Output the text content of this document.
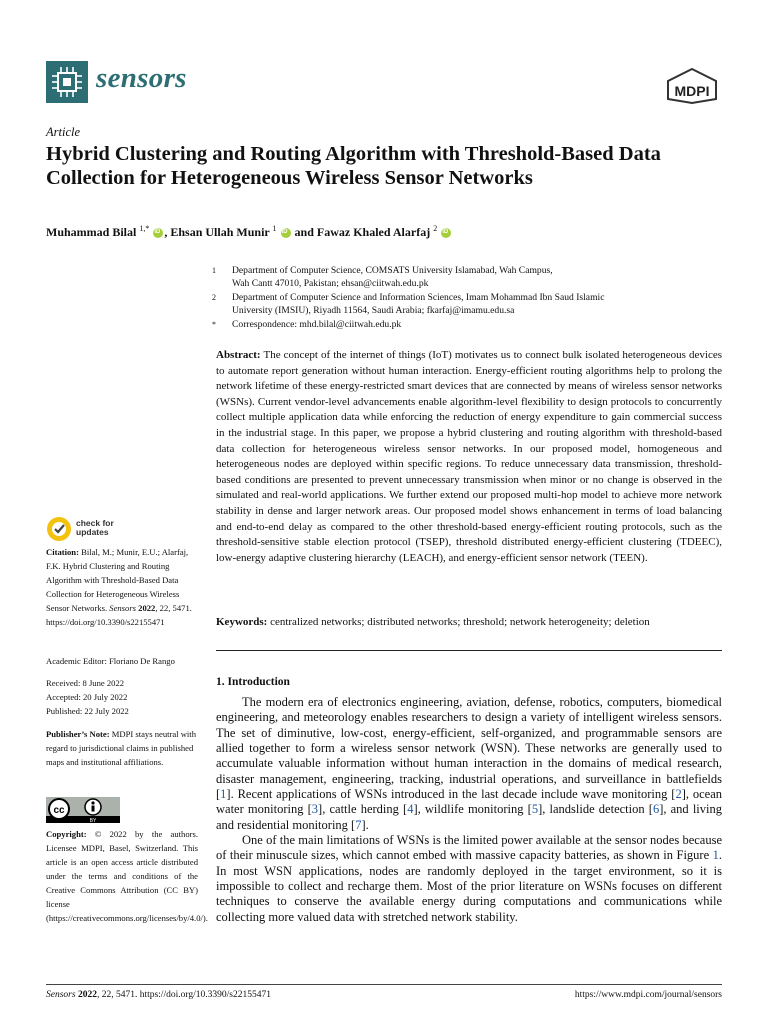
sensors	MDPI
Article
Hybrid Clustering and Routing Algorithm with Threshold-Based Data Collection for Heterogeneous Wireless Sensor Networks
Muhammad Bilal $^{1,*}$ iD , Ehsan Ullah Munir $^1$ iD and Fawaz Khaled Alarfaj $^2$ iD
1 Department of Computer Science, COMSATS University Islamabad, Wah Campus,
Wah Cantt 47010, Pakistan; ehsan@ciitwah.edu.pk
2 Department of Computer Science and Information Sciences, Imam Mohammad Ibn Saud Islamic
University (IMSIU), Riyadh 11564, Saudi Arabia; fkarfaj@imamu.edu.sa
* Correspondence: mhd.bilal@ciitwah.edu.pk
Abstract: The concept of the internet of things (IoT) motivates us to connect bulk isolated heterogeneous devices to automate report generation without human interaction. Energy-efficient routing algorithms help to prolong the network lifetime of these energy-restricted smart devices that are connected by means of wireless sensor networks (WSNs). Current vendor-level advancements enable algorithm-level flexibility to design protocols to concurrently collect multiple application data while enforcing the reduction of energy expenditure to gain commercial success in the industrial stage. In this paper, we propose a hybrid clustering and routing algorithm with threshold-based data collection for heterogeneous wireless sensor networks. In our proposed model, homogeneous and heterogeneous nodes are deployed within specific regions. To reduce unnecessary data transmission, threshold-based conditions are presented to prevent unnecessary transmission when minor or no change is observed in the simulated and real-world applications. We further extend our proposed multi-hop model to achieve more network stability in dense and larger network areas. Our proposed model shows enhancement in terms of load balancing and end-to-end delay as compared to the other threshold-based energy-efficient routing protocols, such as the threshold-sensitive stable election protocol (TSEP), threshold distributed energy-efficient clustering (TDEEC), low-energy adaptive clustering hierarchy (LEACH), and energy-efficient sensor network (TEEN).
Keywords: centralized networks; distributed networks; threshold; network heterogeneity; deletion
1. Introduction

The modern era of electronics engineering, aviation, defense, robotics, computers, biomedical engineering, and meteorology enables researchers to design a variety of intelligent wireless sensors. The set of diminutive, low-cost, energy-efficient, self-organized, and programmable sensors are allied together to form a wireless sensor network (WSN). These networks are generally used to accumulate valuable information without human interaction in the domains of medical research, disaster management, engineering, tracking, industrial operations, and surveillance in battlefields [1]. Recent applications of WSNs introduced in the last decade include wave monitoring [2], ocean water monitoring [3], cattle herding [4], wildlife monitoring [5], landslide detection [6], and living and residential monitoring [7].

One of the main limitations of WSNs is the limited power available at the sensor nodes because of their minuscule sizes, which cannot embed with massive capacity batteries, as shown in Figure 1. In most WSN applications, nodes are randomly deployed in the target environment, so it is impossible to collect and recharge them. Most of the prior literature on WSNs focuses on different techniques to conserve the available energy during computations and communications while collecting more valued data with stretched network stability.

check for updates
Citation: Bilal, M.; Munir, E.U.; Alarfaj, F.K. Hybrid Clustering and Routing Algorithm with Threshold-Based Data Collection for Heterogeneous Wireless Sensor Networks. Sensors 2022, 22, 5471. https://doi.org/10.3390/s22155471
Academic Editor: Floriano De Rango
Received: 8 June 2022
Accepted: 20 July 2022
Published: 22 July 2022
Publisher’s Note: MDPI stays neutral with regard to jurisdictional claims in published maps and institutional affiliations.
cc
BY
Copyright: © 2022 by the authors. Licensee MDPI, Basel, Switzerland. This article is an open access article distributed under the terms and conditions of the Creative Commons Attribution (CC BY) license (https://creativecommons.org/licenses/by/4.0/).
Sensors 2022, 22, 5471. https://doi.org/10.3390/s22155471	https://www.mdpi.com/journal/sensors
